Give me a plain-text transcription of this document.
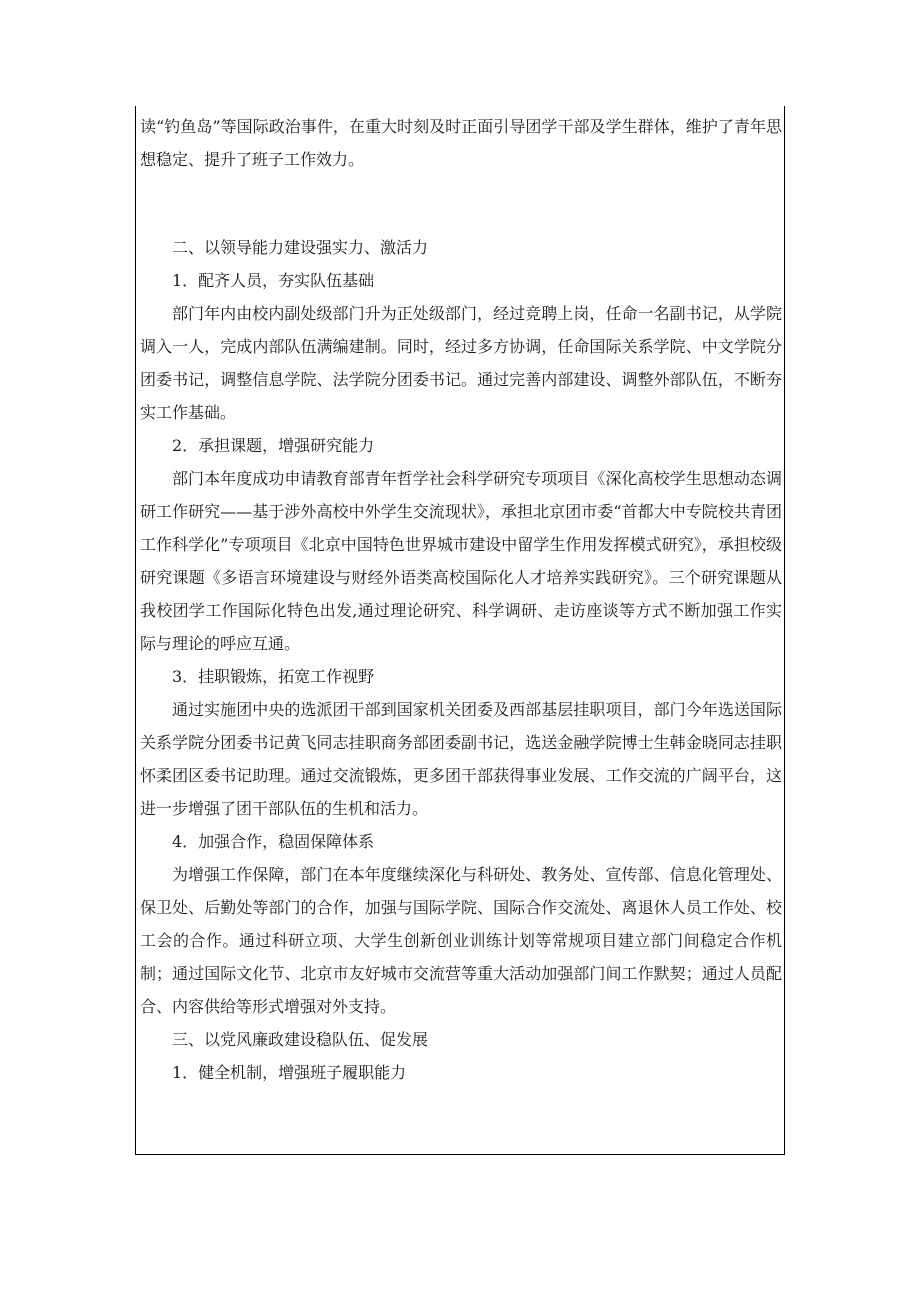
读“钓鱼岛”等国际政治事件，在重大时刻及时正面引导团学干部及学生群体，维护了青年思想稳定、提升了班子工作效力。

二、以领导能力建设强实力、激活力

1．配齐人员，夯实队伍基础

部门年内由校内副处级部门升为正处级部门，经过竞聘上岗，任命一名副书记，从学院调入一人，完成内部队伍满编建制。同时，经过多方协调，任命国际关系学院、中文学院分团委书记，调整信息学院、法学院分团委书记。通过完善内部建设、调整外部队伍，不断夯实工作基础。

2．承担课题，增强研究能力

部门本年度成功申请教育部青年哲学社会科学研究专项项目《深化高校学生思想动态调研工作研究——基于涉外高校中外学生交流现状》，承担北京团市委“首都大中专院校共青团工作科学化”专项项目《北京中国特色世界城市建设中留学生作用发挥模式研究》，承担校级研究课题《多语言环境建设与财经外语类高校国际化人才培养实践研究》。三个研究课题从我校团学工作国际化特色出发,通过理论研究、科学调研、走访座谈等方式不断加强工作实际与理论的呼应互通。

3．挂职锻炼，拓宽工作视野

通过实施团中央的选派团干部到国家机关团委及西部基层挂职项目，部门今年选送国际关系学院分团委书记黄飞同志挂职商务部团委副书记，选送金融学院博士生韩金晓同志挂职怀柔团区委书记助理。通过交流锻炼，更多团干部获得事业发展、工作交流的广阔平台，这进一步增强了团干部队伍的生机和活力。

4．加强合作，稳固保障体系

为增强工作保障，部门在本年度继续深化与科研处、教务处、宣传部、信息化管理处、保卫处、后勤处等部门的合作，加强与国际学院、国际合作交流处、离退休人员工作处、校工会的合作。通过科研立项、大学生创新创业训练计划等常规项目建立部门间稳定合作机制；通过国际文化节、北京市友好城市交流营等重大活动加强部门间工作默契；通过人员配合、内容供给等形式增强对外支持。

三、以党风廉政建设稳队伍、促发展

1．健全机制，增强班子履职能力
